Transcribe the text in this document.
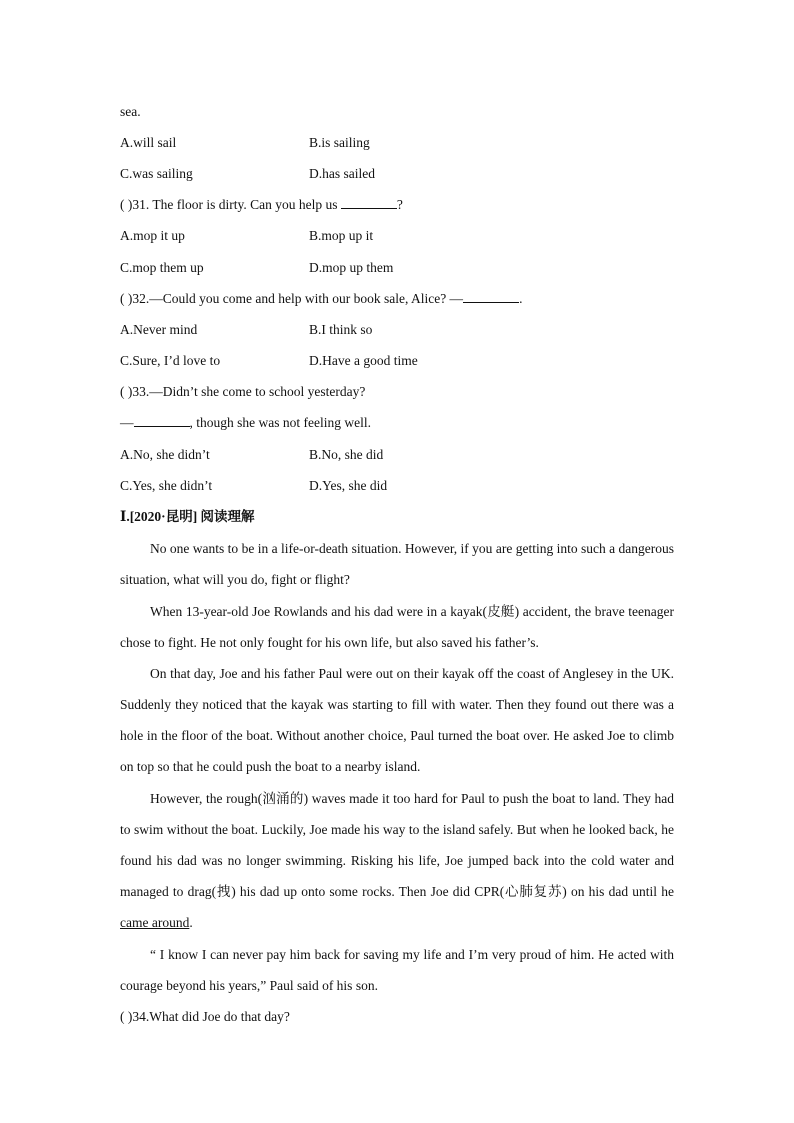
sea.
A.will sail	B.is sailing
C.was sailing	D.has sailed
( )31. The floor is dirty. Can you help us	?
A.mop it up	B.mop up it
C.mop them up	D.mop up them
( )32.—Could you come and help with our book sale, Alice? —	.
A.Never mind	B.I think so
C.Sure, I’d love to	D.Have a good time
( )33.—Didn’t she come to school yesterday?
—	, though she was not feeling well.
A.No, she didn’t	B.No, she did
C.Yes, she didn’t	D.Yes, she did
Ⅰ.[2020·昆明] 阅读理解
No one wants to be in a life-or-death situation. However, if you are getting into such a dangerous situation, what will you do, fight or flight?
When 13-year-old Joe Rowlands and his dad were in a kayak(皮艇) accident, the brave teenager chose to fight. He not only fought for his own life, but also saved his father’s.
On that day, Joe and his father Paul were out on their kayak off the coast of Anglesey in the UK. Suddenly they noticed that the kayak was starting to fill with water. Then they found out there was a hole in the floor of the boat. Without another choice, Paul turned the boat over. He asked Joe to climb on top so that he could push the boat to a nearby island.
However, the rough(汹涌的) waves made it too hard for Paul to push the boat to land. They had to swim without the boat. Luckily, Joe made his way to the island safely. But when he looked back, he found his dad was no longer swimming. Risking his life, Joe jumped back into the cold water and managed to drag(拽) his dad up onto some rocks. Then Joe did CPR(心肺复苏) on his dad until he came around.
“ I know I can never pay him back for saving my life and I’m very proud of him. He acted with courage beyond his years,” Paul said of his son.
( )34.What did Joe do that day?
